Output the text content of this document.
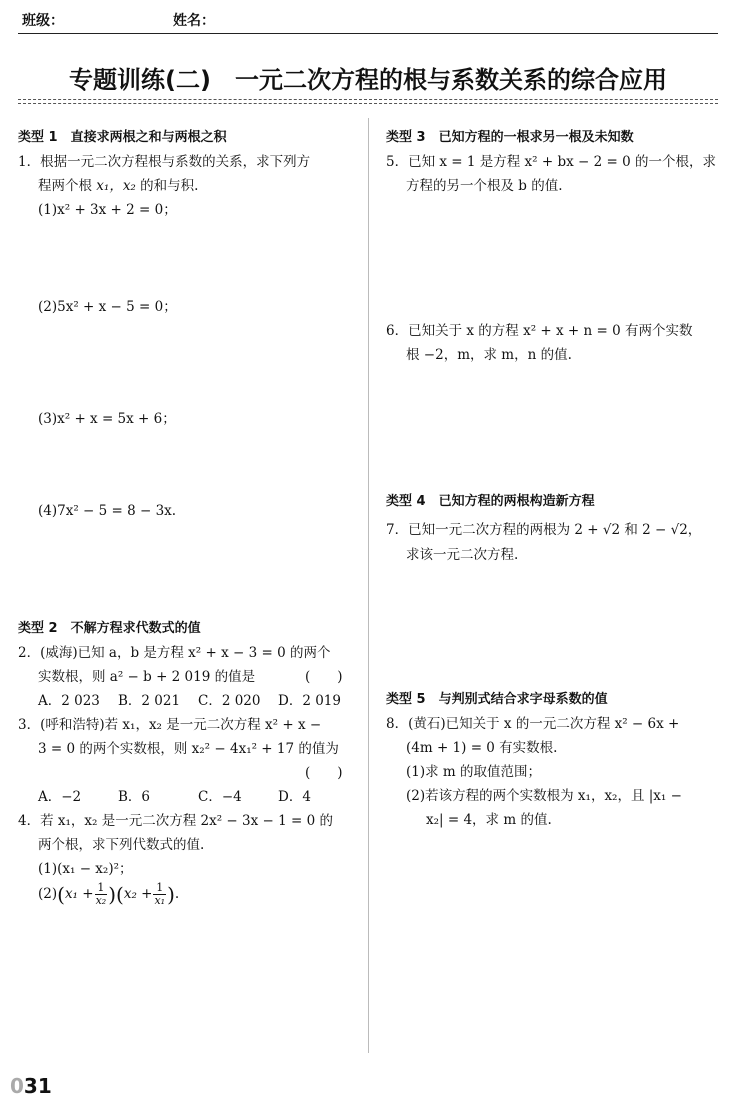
班级：	姓名：
专题训练(二)　一元二次方程的根与系数关系的综合应用
类型 1　直接求两根之和与两根之积
1．根据一元二次方程根与系数的关系，求下列方
程两个根 x₁，x₂ 的和与积.
(1)x² + 3x + 2 = 0；
(2)5x² + x − 5 = 0；
(3)x² + x = 5x + 6；
(4)7x² − 5 = 8 − 3x.
类型 2　不解方程求代数式的值
2．(威海)已知 a，b 是方程 x² + x − 3 = 0 的两个
实数根，则 a² − b + 2 019 的值是	(　　)
A．2 023 B．2 021 C．2 020 D．2 019
3．(呼和浩特)若 x₁，x₂ 是一元二次方程 x² + x −
3 = 0 的两个实数根，则 x₂² − 4x₁² + 17 的值为
(　　)
A．−2	B．6	C．−4	D．4
4．若 x₁，x₂ 是一元二次方程 2x² − 3x − 1 = 0 的
两个根，求下列代数式的值.
(1)(x₁ − x₂)²；
$(2)(x_1 + \frac{1}{\text{x₂}} )(x_2 + \frac{1}{\text{x₁}}$ ).
类型 3　已知方程的一根求另一根及未知数
5．已知 x = 1 是方程 x² + bx − 2 = 0 的一个根，求
方程的另一个根及 b 的值.
6．已知关于 x 的方程 x² + x + n = 0 有两个实数
根 −2，m，求 m，n 的值.
类型 4　已知方程的两根构造新方程
7．已知一元二次方程的两根为 2 + √2 和 2 − √2，
求该一元二次方程.
类型 5　与判别式结合求字母系数的值
8．(黄石)已知关于 x 的一元二次方程 x² − 6x +
(4m + 1) = 0 有实数根.
(1)求 m 的取值范围；
(2)若该方程的两个实数根为 x₁，x₂，且 |x₁ −
x₂| = 4，求 m 的值.
031
